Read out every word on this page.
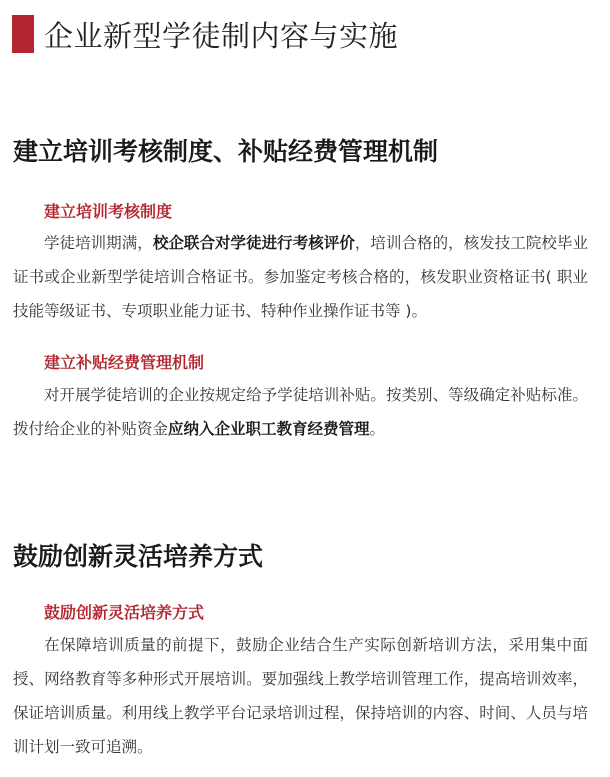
企业新型学徒制内容与实施
建立培训考核制度、补贴经费管理机制
建立培训考核制度
学徒培训期满，校企联合对学徒进行考核评价，培训合格的，核发技工院校毕业证书或企业新型学徒培训合格证书。参加鉴定考核合格的，核发职业资格证书( 职业技能等级证书、专项职业能力证书、特种作业操作证书等 )。
建立补贴经费管理机制
对开展学徒培训的企业按规定给予学徒培训补贴。按类别、等级确定补贴标准。拨付给企业的补贴资金应纳入企业职工教育经费管理。
鼓励创新灵活培养方式
鼓励创新灵活培养方式
在保障培训质量的前提下，鼓励企业结合生产实际创新培训方法，采用集中面授、网络教育等多种形式开展培训。要加强线上教学培训管理工作，提高培训效率，保证培训质量。利用线上教学平台记录培训过程，保持培训的内容、时间、人员与培训计划一致可追溯。
